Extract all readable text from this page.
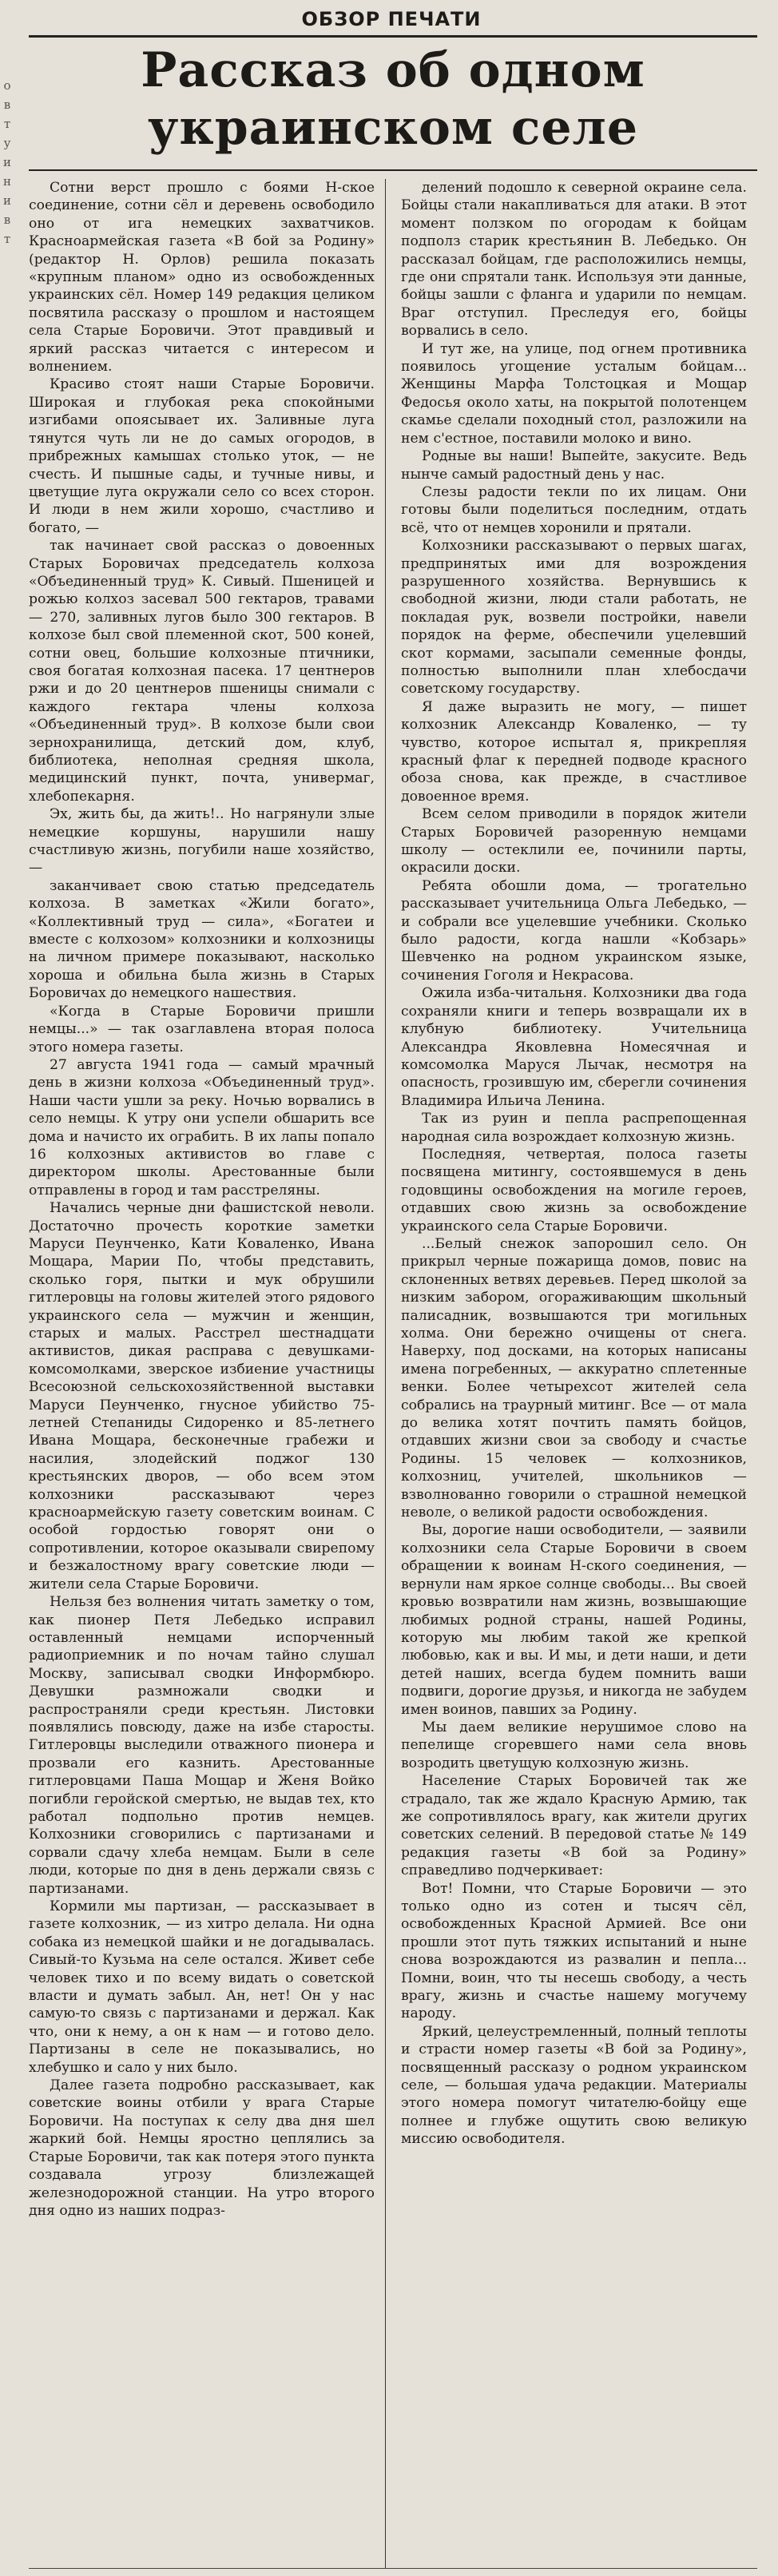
о
в
т
у
и
н
и
в
т
ОБЗОР ПЕЧАТИ
Рассказ об одном украинском селе

Сотни верст прошло с боями Н-ское соединение, сотни сёл и деревень освободило оно от ига немецких захватчиков. Красноармейская газета «В бой за Родину» (редактор Н. Орлов) решила показать «крупным планом» одно из освобожденных украинских сёл. Номер 149 редакция целиком посвятила рассказу о прошлом и настоящем села Старые Боровичи. Этот правдивый и яркий рассказ читается с интересом и волнением.

Красиво стоят наши Старые Боровичи. Широкая и глубокая река спокойными изгибами опоясывает их. Заливные луга тянутся чуть ли не до самых огородов, в прибрежных камышах столько уток, — не счесть. И пышные сады, и тучные нивы, и цветущие луга окружали село со всех сторон. И люди в нем жили хорошо, счастливо и богато, —

так начинает свой рассказ о довоенных Старых Боровичах председатель колхоза «Объединенный труд» К. Сивый. Пшеницей и рожью колхоз засевал 500 гектаров, травами — 270, заливных лугов было 300 гектаров. В колхозе был свой племенной скот, 500 коней, сотни овец, большие колхозные птичники, своя богатая колхозная пасека. 17 центнеров ржи и до 20 центнеров пшеницы снимали с каждого гектара члены колхоза «Объединенный труд». В колхозе были свои зернохранилища, детский дом, клуб, библиотека, неполная средняя школа, медицинский пункт, почта, универмаг, хлебопекарня.

Эх, жить бы, да жить!.. Но нагрянули злые немецкие коршуны, нарушили нашу счастливую жизнь, погубили наше хозяйство, —

заканчивает свою статью председатель колхоза. В заметках «Жили богато», «Коллективный труд — сила», «Богатеи и вместе с колхозом» колхозники и колхозницы на личном примере показывают, насколько хороша и обильна была жизнь в Старых Боровичах до немецкого нашествия.

«Когда в Старые Боровичи пришли немцы...» — так озаглавлена вторая полоса этого номера газеты.

27 августа 1941 года — самый мрачный день в жизни колхоза «Объединенный труд». Наши части ушли за реку. Ночью ворвались в село немцы. К утру они успели обшарить все дома и начисто их ограбить. В их лапы попало 16 колхозных активистов во главе с директором школы. Арестованные были отправлены в город и там расстреляны.

Начались черные дни фашистской неволи. Достаточно прочесть короткие заметки Маруси Пеунченко, Кати Коваленко, Ивана Мощара, Марии По, чтобы представить, сколько горя, пытки и мук обрушили гитлеровцы на головы жителей этого рядового украинского села — мужчин и женщин, старых и малых. Расстрел шестнадцати активистов, дикая расправа с девушками-комсомолками, зверское избиение участницы Всесоюзной сельскохозяйственной выставки Маруси Пеунченко, гнусное убийство 75-летней Степаниды Сидоренко и 85-летнего Ивана Мощара, бесконечные грабежи и насилия, злодейский поджог 130 крестьянских дворов, — обо всем этом колхозники рассказывают через красноармейскую газету советским воинам. С особой гордостью говорят они о сопротивлении, которое оказывали свирепому и безжалостному врагу советские люди — жители села Старые Боровичи.

Нельзя без волнения читать заметку о том, как пионер Петя Лебедько исправил оставленный немцами испорченный радиоприемник и по ночам тайно слушал Москву, записывал сводки Информбюро. Девушки размножали сводки и распространяли среди крестьян. Листовки появлялись повсюду, даже на избе старосты. Гитлеровцы выследили отважного пионера и прозвали его казнить. Арестованные гитлеровцами Паша Мощар и Женя Войко погибли геройской смертью, не выдав тех, кто работал подпольно против немцев. Колхозники сговорились с партизанами и сорвали сдачу хлеба немцам. Были в селе люди, которые по дня в день держали связь с партизанами.

Кормили мы партизан, — рассказывает в газете колхозник, — из хитро делала. Ни одна собака из немецкой шайки и не догадывалась. Сивый-то Кузьма на селе остался. Живет себе человек тихо и по всему видать о советской власти и думать забыл. Ан, нет! Он у нас самую-то связь с партизанами и держал. Как что, они к нему, а он к нам — и готово дело. Партизаны в селе не показывались, но хлебушко и сало у них было.

Далее газета подробно рассказывает, как советские воины отбили у врага Старые Боровичи. На поступах к селу два дня шел жаркий бой. Немцы яростно цеплялись за Старые Боровичи, так как потеря этого пункта создавала угрозу близлежащей железнодорожной станции. На утро второго дня одно из наших подраз-

делений подошло к северной окраине села. Бойцы стали накапливаться для атаки. В этот момент ползком по огородам к бойцам подполз старик крестьянин В. Лебедько. Он рассказал бойцам, где расположились немцы, где они спрятали танк. Используя эти данные, бойцы зашли с фланга и ударили по немцам. Враг отступил. Преследуя его, бойцы ворвались в село.

И тут же, на улице, под огнем противника появилось угощение усталым бойцам... Женщины Марфа Толстоцкая и Мощар Федосья около хаты, на покрытой полотенцем скамье сделали походный стол, разложили на нем с'естное, поставили молоко и вино.

Родные вы наши! Выпейте, закусите. Ведь нынче самый радостный день у нас.

Слезы радости текли по их лицам. Они готовы были поделиться последним, отдать всё, что от немцев хоронили и прятали.

Колхозники рассказывают о первых шагах, предпринятых ими для возрождения разрушенного хозяйства. Вернувшись к свободной жизни, люди стали работать, не покладая рук, возвели постройки, навели порядок на ферме, обеспечили уцелевший скот кормами, засыпали семенные фонды, полностью выполнили план хлебосдачи советскому государству.

Я даже выразить не могу, — пишет колхозник Александр Коваленко, — ту чувство, которое испытал я, прикрепляя красный флаг к передней подводе красного обоза снова, как прежде, в счастливое довоенное время.

Всем селом приводили в порядок жители Старых Боровичей разоренную немцами школу — остеклили ее, починили парты, окрасили доски.

Ребята обошли дома, — трогательно рассказывает учительница Ольга Лебедько, — и собрали все уцелевшие учебники. Сколько было радости, когда нашли «Кобзарь» Шевченко на родном украинском языке, сочинения Гоголя и Некрасова.

Ожила изба-читальня. Колхозники два года сохраняли книги и теперь возвращали их в клубную библиотеку. Учительница Александра Яковлевна Номесячная и комсомолка Маруся Лычак, несмотря на опасность, грозившую им, сберегли сочинения Владимира Ильича Ленина.

Так из руин и пепла распрепощенная народная сила возрождает колхозную жизнь.

Последняя, четвертая, полоса газеты посвящена митингу, состоявшемуся в день годовщины освобождения на могиле героев, отдавших свою жизнь за освобождение украинского села Старые Боровичи.

...Белый снежок запорошил село. Он прикрыл черные пожарища домов, повис на склоненных ветвях деревьев. Перед школой за низким забором, огораживающим школьный палисадник, возвышаются три могильных холма. Они бережно очищены от снега. Наверху, под досками, на которых написаны имена погребенных, — аккуратно сплетенные венки. Более четырехсот жителей села собрались на траурный митинг. Все — от мала до велика хотят почтить память бойцов, отдавших жизни свои за свободу и счастье Родины. 15 человек — колхозников, колхозниц, учителей, школьников — взволнованно говорили о страшной немецкой неволе, о великой радости освобождения.

Вы, дорогие наши освободители, — заявили колхозники села Старые Боровичи в своем обращении к воинам Н-ского соединения, — вернули нам яркое солнце свободы... Вы своей кровью возвратили нам жизнь, возвышающие любимых родной страны, нашей Родины, которую мы любим такой же крепкой любовью, как и вы. И мы, и дети наши, и дети детей наших, всегда будем помнить ваши подвиги, дорогие друзья, и никогда не забудем имен воинов, павших за Родину.

Мы даем великие нерушимое слово на пепелище сгоревшего нами села вновь возродить цветущую колхозную жизнь.

Население Старых Боровичей так же страдало, так же ждало Красную Армию, так же сопротивлялось врагу, как жители других советских селений. В передовой статье № 149 редакция газеты «В бой за Родину» справедливо подчеркивает:

Вот! Помни, что Старые Боровичи — это только одно из сотен и тысяч сёл, освобожденных Красной Армией. Все они прошли этот путь тяжких испытаний и ныне снова возрождаются из развалин и пепла... Помни, воин, что ты несешь свободу, а честь врагу, жизнь и счастье нашему могучему народу.

Яркий, целеустремленный, полный теплоты и страсти номер газеты «В бой за Родину», посвященный рассказу о родном украинском селе, — большая удача редакции. Материалы этого номера помогут читателю-бойцу еще полнее и глубже ощутить свою великую миссию освободителя.
